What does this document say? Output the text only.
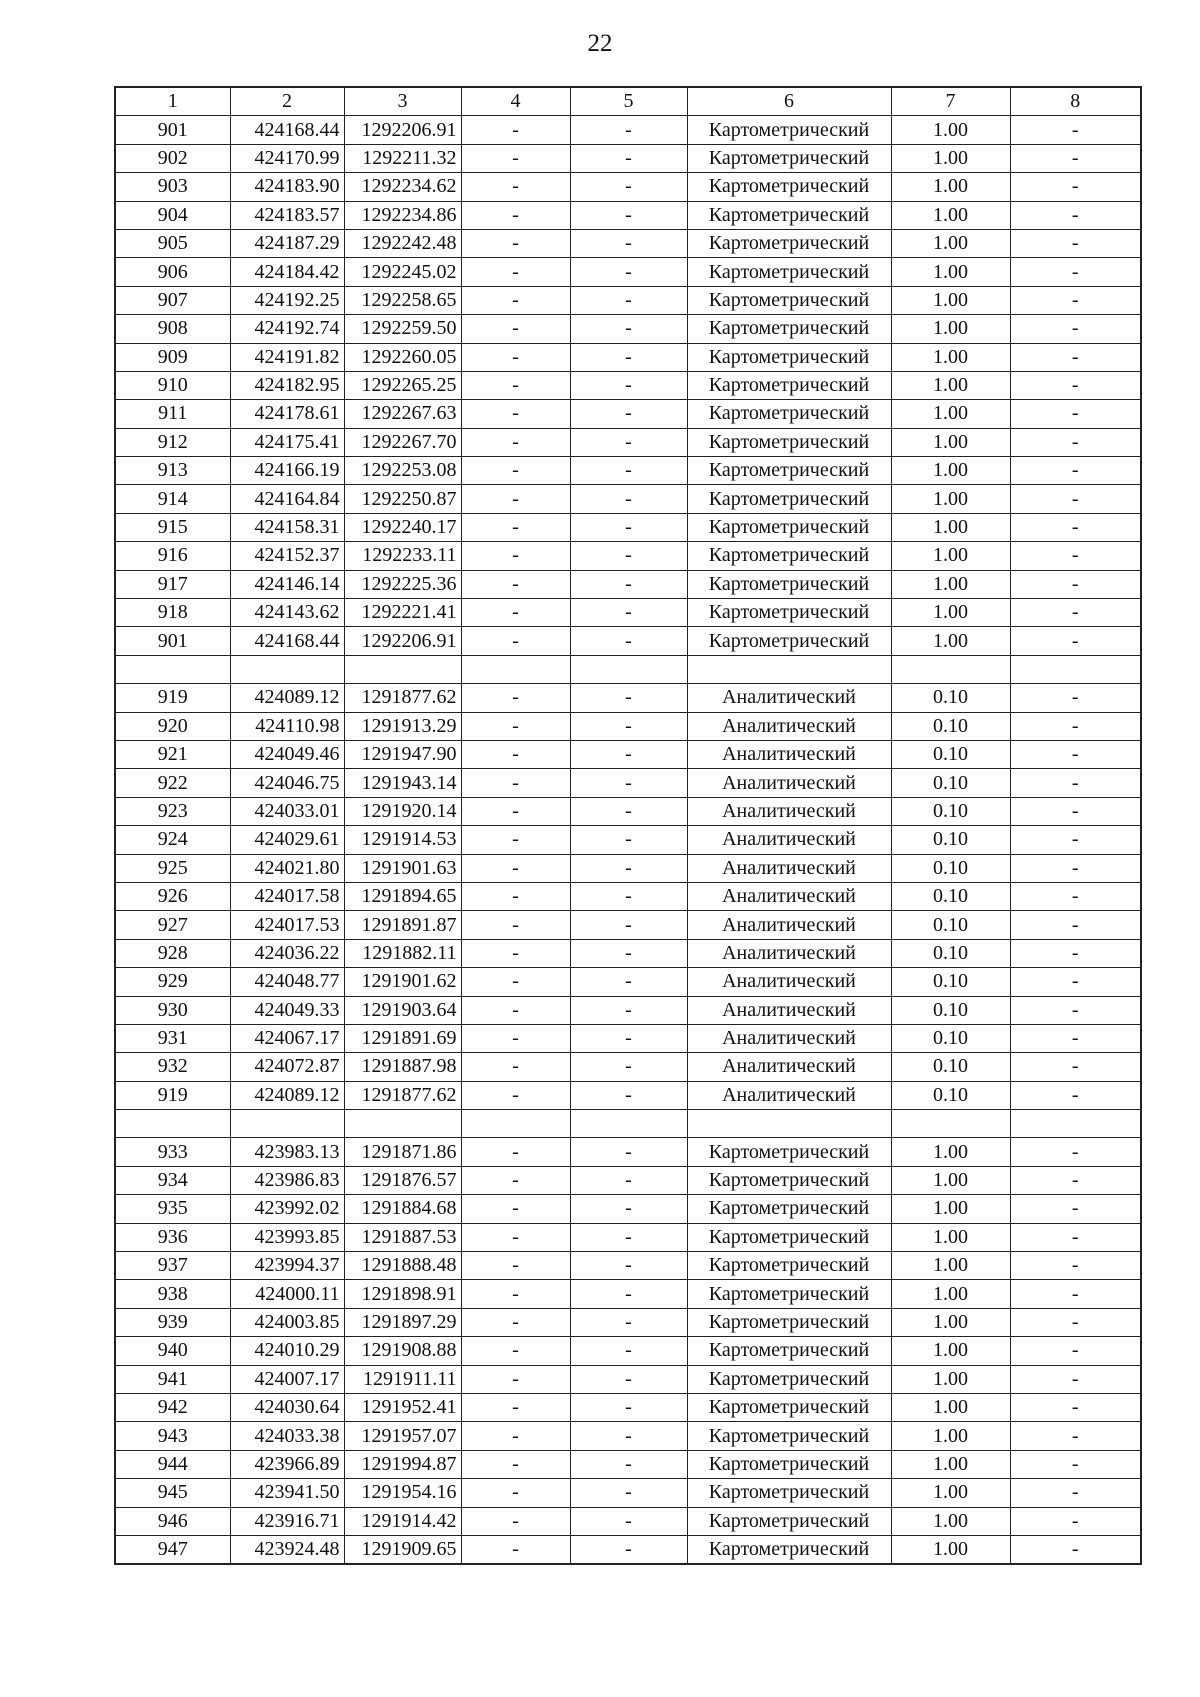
22
1	2	3	4	5	6	7	8
901	424168.44	1292206.91	-	-	Картометрический	1.00	-
902	424170.99	1292211.32	-	-	Картометрический	1.00	-
903	424183.90	1292234.62	-	-	Картометрический	1.00	-
904	424183.57	1292234.86	-	-	Картометрический	1.00	-
905	424187.29	1292242.48	-	-	Картометрический	1.00	-
906	424184.42	1292245.02	-	-	Картометрический	1.00	-
907	424192.25	1292258.65	-	-	Картометрический	1.00	-
908	424192.74	1292259.50	-	-	Картометрический	1.00	-
909	424191.82	1292260.05	-	-	Картометрический	1.00	-
910	424182.95	1292265.25	-	-	Картометрический	1.00	-
911	424178.61	1292267.63	-	-	Картометрический	1.00	-
912	424175.41	1292267.70	-	-	Картометрический	1.00	-
913	424166.19	1292253.08	-	-	Картометрический	1.00	-
914	424164.84	1292250.87	-	-	Картометрический	1.00	-
915	424158.31	1292240.17	-	-	Картометрический	1.00	-
916	424152.37	1292233.11	-	-	Картометрический	1.00	-
917	424146.14	1292225.36	-	-	Картометрический	1.00	-
918	424143.62	1292221.41	-	-	Картометрический	1.00	-
901	424168.44	1292206.91	-	-	Картометрический	1.00	-

919	424089.12	1291877.62	-	-	Аналитический	0.10	-
920	424110.98	1291913.29	-	-	Аналитический	0.10	-
921	424049.46	1291947.90	-	-	Аналитический	0.10	-
922	424046.75	1291943.14	-	-	Аналитический	0.10	-
923	424033.01	1291920.14	-	-	Аналитический	0.10	-
924	424029.61	1291914.53	-	-	Аналитический	0.10	-
925	424021.80	1291901.63	-	-	Аналитический	0.10	-
926	424017.58	1291894.65	-	-	Аналитический	0.10	-
927	424017.53	1291891.87	-	-	Аналитический	0.10	-
928	424036.22	1291882.11	-	-	Аналитический	0.10	-
929	424048.77	1291901.62	-	-	Аналитический	0.10	-
930	424049.33	1291903.64	-	-	Аналитический	0.10	-
931	424067.17	1291891.69	-	-	Аналитический	0.10	-
932	424072.87	1291887.98	-	-	Аналитический	0.10	-
919	424089.12	1291877.62	-	-	Аналитический	0.10	-

933	423983.13	1291871.86	-	-	Картометрический	1.00	-
934	423986.83	1291876.57	-	-	Картометрический	1.00	-
935	423992.02	1291884.68	-	-	Картометрический	1.00	-
936	423993.85	1291887.53	-	-	Картометрический	1.00	-
937	423994.37	1291888.48	-	-	Картометрический	1.00	-
938	424000.11	1291898.91	-	-	Картометрический	1.00	-
939	424003.85	1291897.29	-	-	Картометрический	1.00	-
940	424010.29	1291908.88	-	-	Картометрический	1.00	-
941	424007.17	1291911.11	-	-	Картометрический	1.00	-
942	424030.64	1291952.41	-	-	Картометрический	1.00	-
943	424033.38	1291957.07	-	-	Картометрический	1.00	-
944	423966.89	1291994.87	-	-	Картометрический	1.00	-
945	423941.50	1291954.16	-	-	Картометрический	1.00	-
946	423916.71	1291914.42	-	-	Картометрический	1.00	-
947	423924.48	1291909.65	-	-	Картометрический	1.00	-
